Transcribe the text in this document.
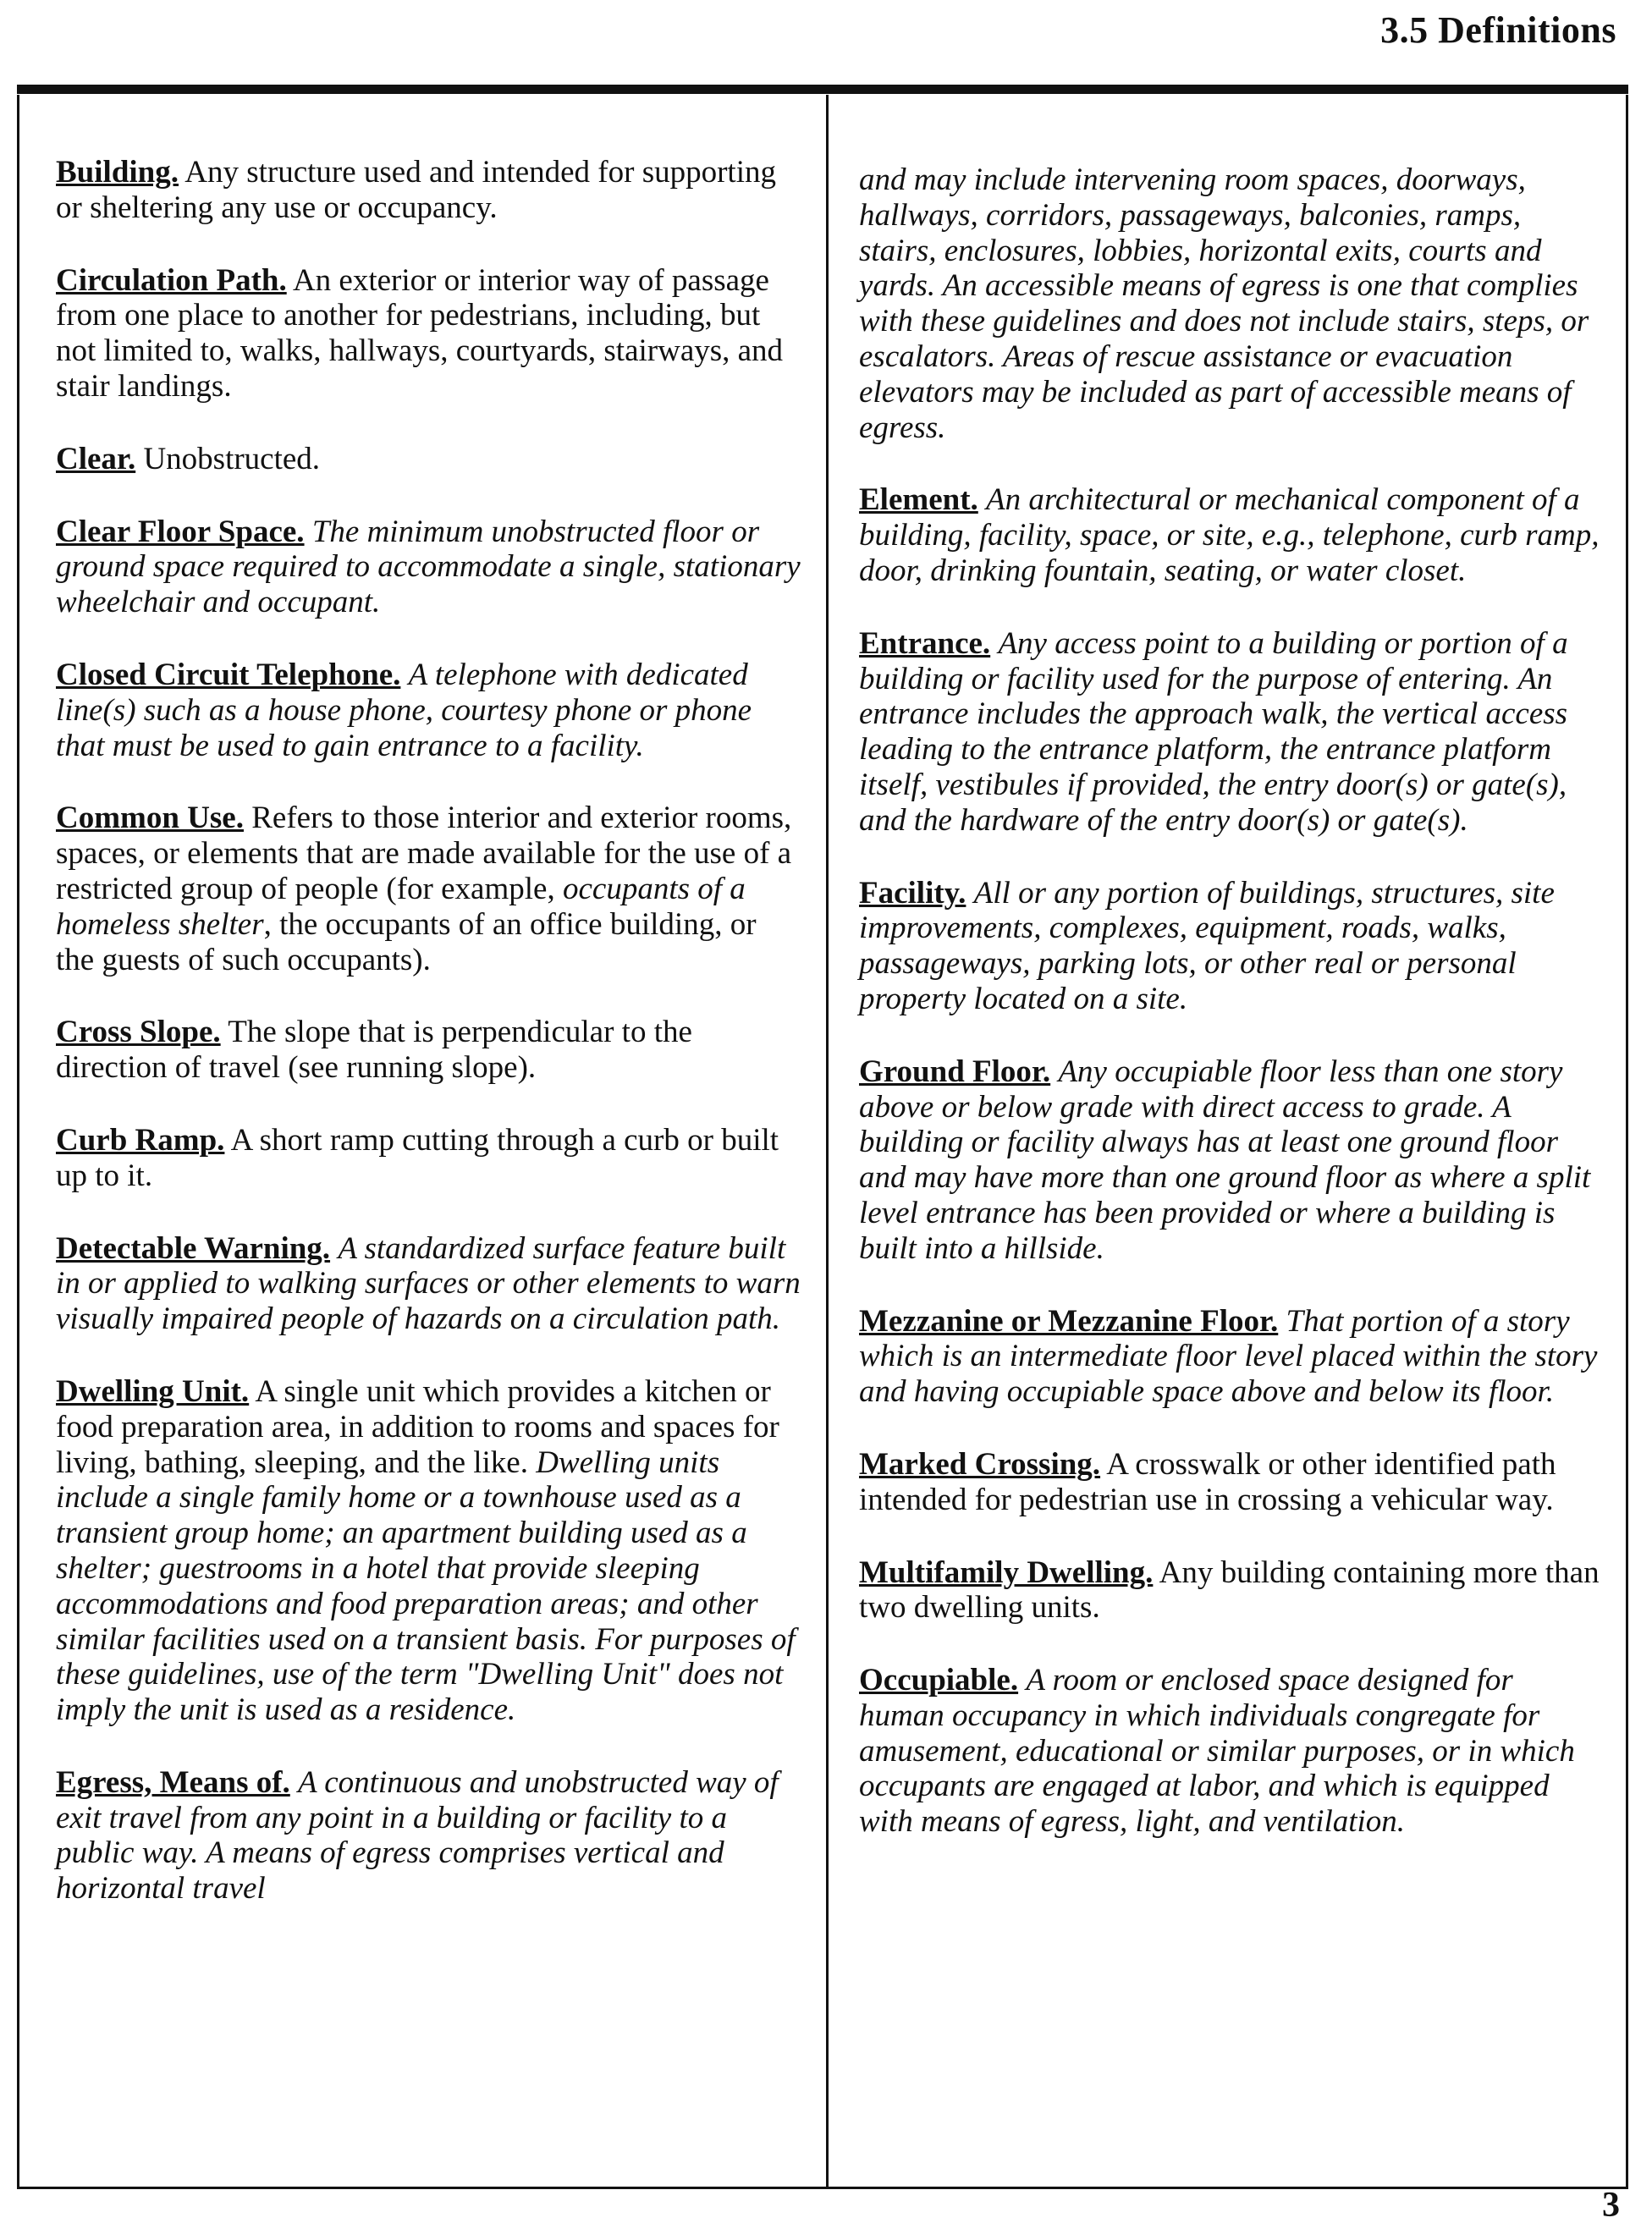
3.5 Definitions

Building. Any structure used and intended for supporting or sheltering any use or occupancy.

Circulation Path. An exterior or interior way of passage from one place to another for pedestrians, including, but not limited to, walks, hallways, courtyards, stairways, and stair landings.

Clear. Unobstructed.

Clear Floor Space. The minimum unobstructed floor or ground space required to accommodate a single, stationary wheelchair and occupant.

Closed Circuit Telephone. A telephone with dedicated line(s) such as a house phone, courtesy phone or phone that must be used to gain entrance to a facility.

Common Use. Refers to those interior and exterior rooms, spaces, or elements that are made available for the use of a restricted group of people (for example, occupants of a homeless shelter, the occupants of an office building, or the guests of such occupants).

Cross Slope. The slope that is perpendicular to the direction of travel (see running slope).

Curb Ramp. A short ramp cutting through a curb or built up to it.

Detectable Warning. A standardized surface feature built in or applied to walking surfaces or other elements to warn visually impaired people of hazards on a circulation path.

Dwelling Unit. A single unit which provides a kitchen or food preparation area, in addition to rooms and spaces for living, bathing, sleeping, and the like. Dwelling units include a single family home or a townhouse used as a transient group home; an apartment building used as a shelter; guestrooms in a hotel that provide sleeping accommodations and food preparation areas; and other similar facilities used on a transient basis. For purposes of these guidelines, use of the term "Dwelling Unit" does not imply the unit is used as a residence.

Egress, Means of. A continuous and unobstructed way of exit travel from any point in a building or facility to a public way. A means of egress comprises vertical and horizontal travel

and may include intervening room spaces, doorways, hallways, corridors, passageways, balconies, ramps, stairs, enclosures, lobbies, horizontal exits, courts and yards. An accessible means of egress is one that complies with these guidelines and does not include stairs, steps, or escalators. Areas of rescue assistance or evacuation elevators may be included as part of accessible means of egress.

Element. An architectural or mechanical component of a building, facility, space, or site, e.g., telephone, curb ramp, door, drinking fountain, seating, or water closet.

Entrance. Any access point to a building or portion of a building or facility used for the purpose of entering. An entrance includes the approach walk, the vertical access leading to the entrance platform, the entrance platform itself, vestibules if provided, the entry door(s) or gate(s), and the hardware of the entry door(s) or gate(s).

Facility. All or any portion of buildings, structures, site improvements, complexes, equipment, roads, walks, passageways, parking lots, or other real or personal property located on a site.

Ground Floor. Any occupiable floor less than one story above or below grade with direct access to grade. A building or facility always has at least one ground floor and may have more than one ground floor as where a split level entrance has been provided or where a building is built into a hillside.

Mezzanine or Mezzanine Floor. That portion of a story which is an intermediate floor level placed within the story and having occupiable space above and below its floor.

Marked Crossing. A crosswalk or other identified path intended for pedestrian use in crossing a vehicular way.

Multifamily Dwelling. Any building containing more than two dwelling units.

Occupiable. A room or enclosed space designed for human occupancy in which individuals congregate for amusement, educational or similar purposes, or in which occupants are engaged at labor, and which is equipped with means of egress, light, and ventilation.

3
